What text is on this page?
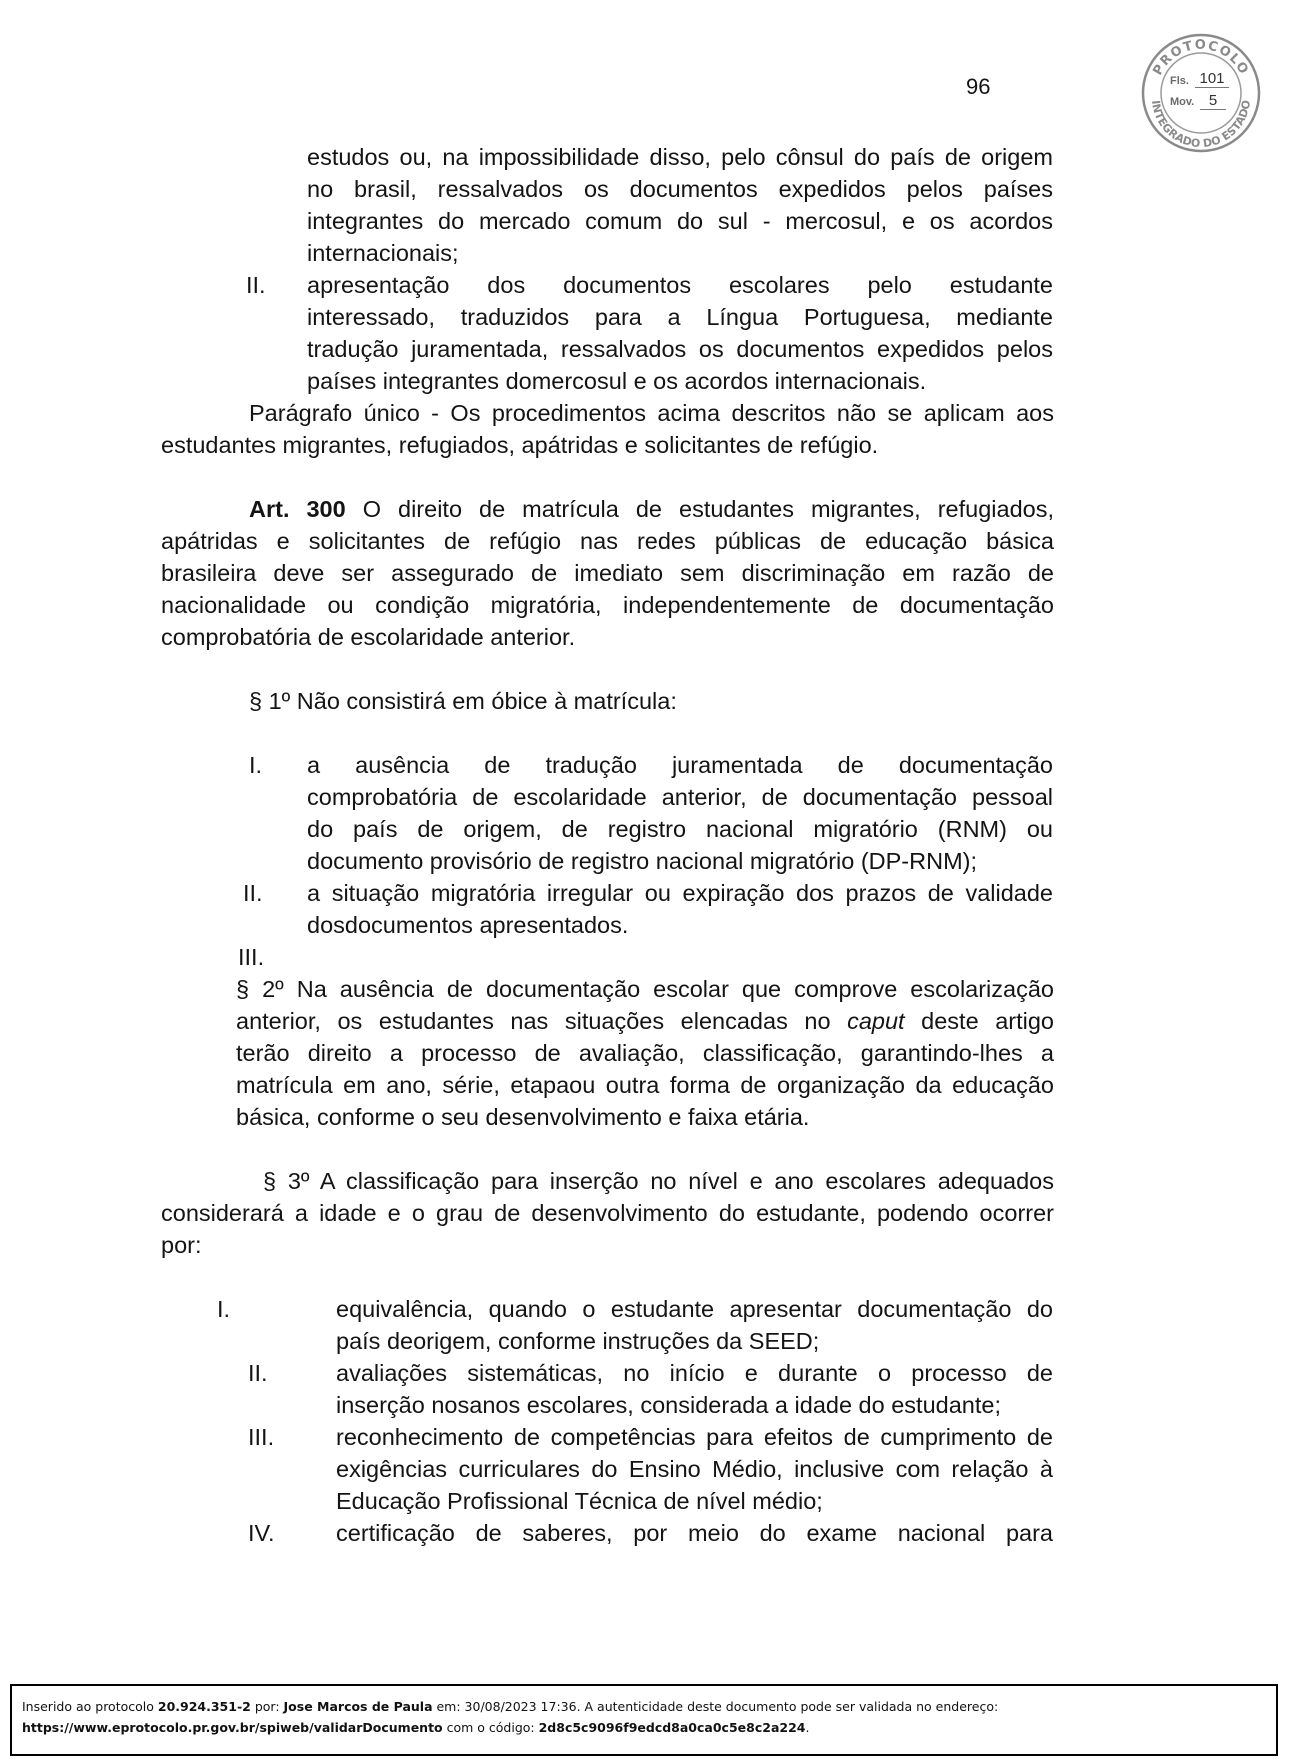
96
PROTOCOLO
INTEGRADO DO ESTADO
Fls. 101
Mov. 5
estudos ou, na impossibilidade disso, pelo cônsul do país de origem
no brasil, ressalvados os documentos expedidos pelos países
integrantes do mercado comum do sul - mercosul, e os acordos
internacionais;
II. apresentação dos documentos escolares pelo estudante
interessado, traduzidos para a Língua Portuguesa, mediante
tradução juramentada, ressalvados os documentos expedidos pelos
países integrantes domercosul e os acordos internacionais.
Parágrafo único - Os procedimentos acima descritos não se aplicam aos
estudantes migrantes, refugiados, apátridas e solicitantes de refúgio.
Art. 300 O direito de matrícula de estudantes migrantes, refugiados,
apátridas e solicitantes de refúgio nas redes públicas de educação básica
brasileira deve ser assegurado de imediato sem discriminação em razão de
nacionalidade ou condição migratória, independentemente de documentação
comprobatória de escolaridade anterior.
§ 1º Não consistirá em óbice à matrícula:
I. a ausência de tradução juramentada de documentação
comprobatória de escolaridade anterior, de documentação pessoal
do país de origem, de registro nacional migratório (RNM) ou
documento provisório de registro nacional migratório (DP-RNM);
II. a situação migratória irregular ou expiração dos prazos de validade
dosdocumentos apresentados.
III.
§ 2º Na ausência de documentação escolar que comprove escolarização
anterior, os estudantes nas situações elencadas no caput deste artigo
terão direito a processo de avaliação, classificação, garantindo-lhes a
matrícula em ano, série, etapaou outra forma de organização da educação
básica, conforme o seu desenvolvimento e faixa etária.
§ 3º A classificação para inserção no nível e ano escolares adequados
considerará a idade e o grau de desenvolvimento do estudante, podendo ocorrer
por:
I.	equivalência, quando o estudante apresentar documentação do
país deorigem, conforme instruções da SEED;
II.	avaliações sistemáticas, no início e durante o processo de
inserção nosanos escolares, considerada a idade do estudante;
III.	reconhecimento de competências para efeitos de cumprimento de
exigências curriculares do Ensino Médio, inclusive com relação à
Educação Profissional Técnica de nível médio;
IV.	certificação de saberes, por meio do exame nacional para
Inserido ao protocolo 20.924.351-2 por: Jose Marcos de Paula em: 30/08/2023 17:36. A autenticidade deste documento pode ser validada no endereço:
https://www.eprotocolo.pr.gov.br/spiweb/validarDocumento com o código: 2d8c5c9096f9edcd8a0ca0c5e8c2a224.
